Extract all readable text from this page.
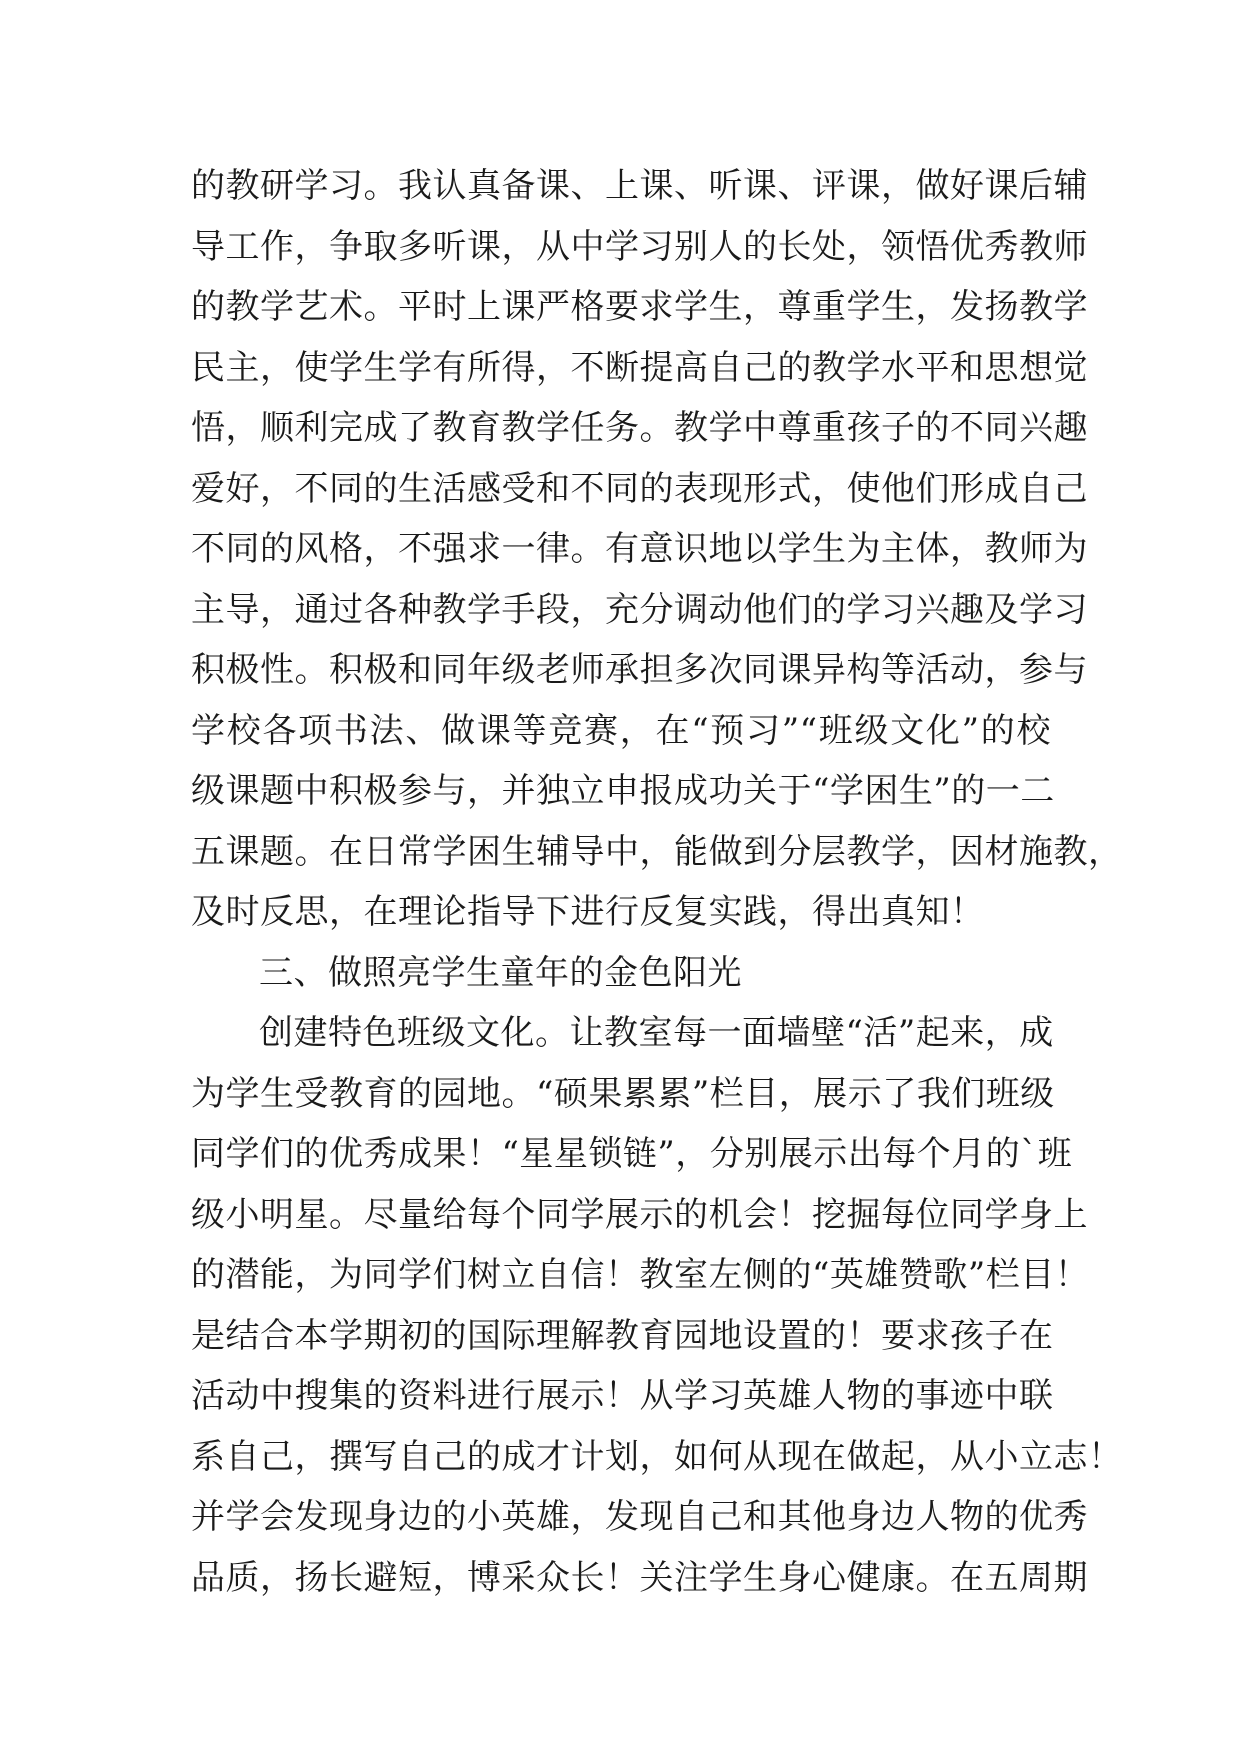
的教研学习。我认真备课、上课、听课、评课，做好课后辅
导工作，争取多听课，从中学习别人的长处，领悟优秀教师
的教学艺术。平时上课严格要求学生，尊重学生，发扬教学
民主，使学生学有所得，不断提高自己的教学水平和思想觉
悟，顺利完成了教育教学任务。教学中尊重孩子的不同兴趣
爱好，不同的生活感受和不同的表现形式，使他们形成自己
不同的风格，不强求一律。有意识地以学生为主体，教师为
主导，通过各种教学手段，充分调动他们的学习兴趣及学习
积极性。积极和同年级老师承担多次同课异构等活动，参与
学校各项书法、做课等竞赛，在“预习”“班级文化”的校
级课题中积极参与，并独立申报成功关于“学困生”的一二
五课题。在日常学困生辅导中，能做到分层教学，因材施教，
及时反思，在理论指导下进行反复实践，得出真知！
三、做照亮学生童年的金色阳光
创建特色班级文化。让教室每一面墙壁“活”起来，成
为学生受教育的园地。“硕果累累”栏目，展示了我们班级
同学们的优秀成果！“星星锁链”，分别展示出每个月的`班
级小明星。尽量给每个同学展示的机会！挖掘每位同学身上
的潜能，为同学们树立自信！教室左侧的“英雄赞歌”栏目！
是结合本学期初的国际理解教育园地设置的！要求孩子在
活动中搜集的资料进行展示！从学习英雄人物的事迹中联
系自己，撰写自己的成才计划，如何从现在做起，从小立志！
并学会发现身边的小英雄，发现自己和其他身边人物的优秀
品质，扬长避短，博采众长！关注学生身心健康。在五周期
